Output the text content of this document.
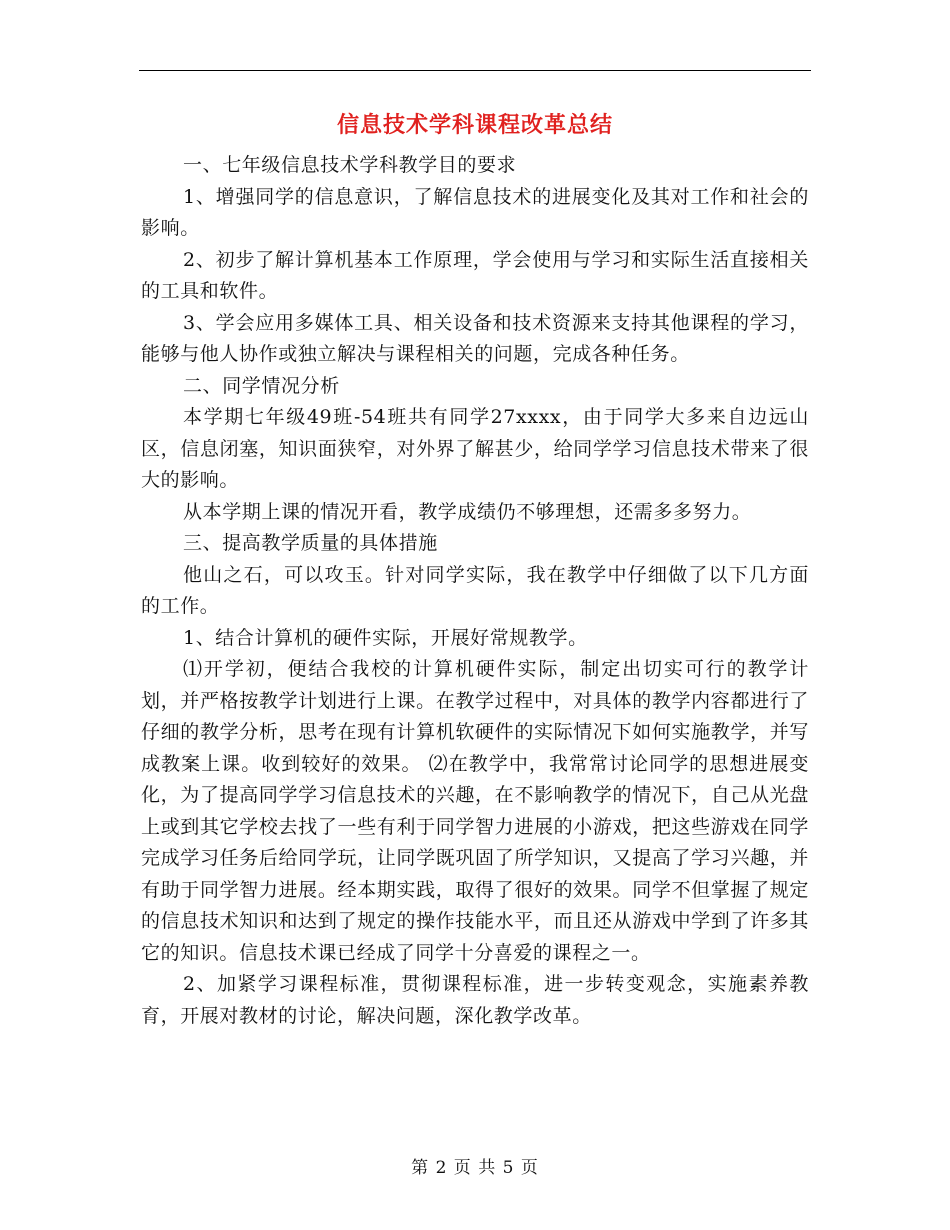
信息技术学科课程改革总结

一、七年级信息技术学科教学目的要求

1、增强同学的信息意识，了解信息技术的进展变化及其对工作和社会的影响。

2、初步了解计算机基本工作原理，学会使用与学习和实际生活直接相关的工具和软件。

3、学会应用多媒体工具、相关设备和技术资源来支持其他课程的学习，能够与他人协作或独立解决与课程相关的问题，完成各种任务。

二、同学情况分析

本学期七年级49班-54班共有同学27xxxx，由于同学大多来自边远山区，信息闭塞，知识面狭窄，对外界了解甚少，给同学学习信息技术带来了很大的影响。

从本学期上课的情况开看，教学成绩仍不够理想，还需多多努力。

三、提高教学质量的具体措施

他山之石，可以攻玉。针对同学实际，我在教学中仔细做了以下几方面的工作。

1、结合计算机的硬件实际，开展好常规教学。

⑴开学初，便结合我校的计算机硬件实际，制定出切实可行的教学计划，并严格按教学计划进行上课。在教学过程中，对具体的教学内容都进行了仔细的教学分析，思考在现有计算机软硬件的实际情况下如何实施教学，并写成教案上课。收到较好的效果。 ⑵在教学中，我常常讨论同学的思想进展变化，为了提高同学学习信息技术的兴趣，在不影响教学的情况下，自己从光盘上或到其它学校去找了一些有利于同学智力进展的小游戏，把这些游戏在同学完成学习任务后给同学玩，让同学既巩固了所学知识，又提高了学习兴趣，并有助于同学智力进展。经本期实践，取得了很好的效果。同学不但掌握了规定的信息技术知识和达到了规定的操作技能水平，而且还从游戏中学到了许多其它的知识。信息技术课已经成了同学十分喜爱的课程之一。

2、加紧学习课程标准，贯彻课程标准，进一步转变观念，实施素养教育，开展对教材的讨论，解决问题，深化教学改革。

第 2 页 共 5 页
